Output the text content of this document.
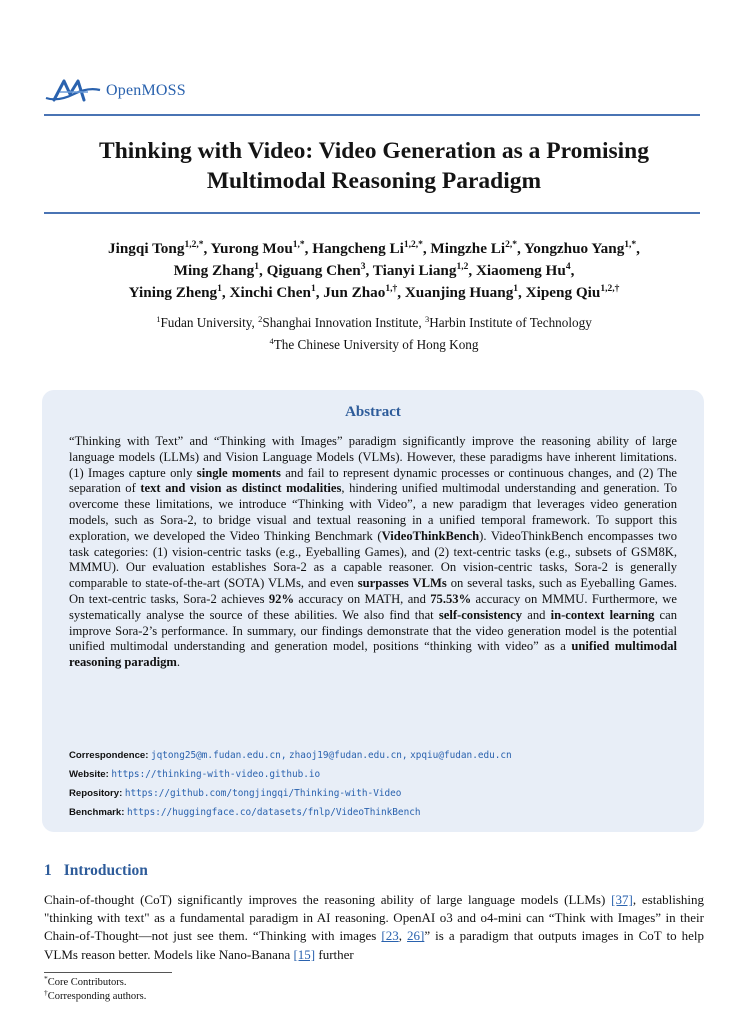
OpenMOSS
Thinking with Video: Video Generation as a Promising
Multimodal Reasoning Paradigm
Jingqi Tong$^{1,2,*}$, Yurong Mou$^{1,*}$, Hangcheng $Li^{1,2,*}$, Mingzhe $Li^{2,*}$, Yongzhuo Yang$^{1,*}$,
Ming Zhang$^1$, Qiguang Chen$^3$, Tianyi Liang$^{1,2}$, Xiaomeng Hu$^4$,
Yining Zheng$^1$, Xinchi Chen$^1$, Jun Zhao$^{1,\dagger}$, Xuanjing Huang$^1$, Xipeng Qiu$^{1,2,\dagger}$
$^1$Fudan University, $^2$Shanghai Innovation Institute, $^3$Harbin Institute of Technology
$^4$The Chinese University of Hong Kong
Abstract
“Thinking with Text” and “Thinking with Images” paradigm significantly improve the reasoning ability of large language models (LLMs) and Vision Language Models (VLMs). However, these paradigms have inherent limitations. (1) Images capture only single moments and fail to represent dynamic processes or continuous changes, and (2) The separation of text and vision as distinct modalities, hindering unified multimodal understanding and generation. To overcome these limitations, we introduce “Thinking with Video”, a new paradigm that leverages video generation models, such as Sora-2, to bridge visual and textual reasoning in a unified temporal framework. To support this exploration, we developed the Video Thinking Benchmark (VideoThinkBench). VideoThinkBench encompasses two task categories: (1) vision-centric tasks (e.g., Eyeballing Games), and (2) text-centric tasks (e.g., subsets of GSM8K, MMMU). Our evaluation establishes Sora-2 as a capable reasoner. On vision-centric tasks, Sora-2 is generally comparable to state-of-the-art (SOTA) VLMs, and even surpasses VLMs on several tasks, such as Eyeballing Games. On text-centric tasks, Sora-2 achieves 92% accuracy on MATH, and 75.53% accuracy on MMMU. Furthermore, we systematically analyse the source of these abilities. We also find that self-consistency and in-context learning can improve Sora-2’s performance. In summary, our findings demonstrate that the video generation model is the potential unified multimodal understanding and generation model, positions “thinking with video” as a unified multimodal reasoning paradigm.
Correspondence: jqtong25@m.fudan.edu.cn, zhaoj19@fudan.edu.cn, xpqiu@fudan.edu.cn
Website: https://thinking-with-video.github.io
Repository: https://github.com/tongjingqi/Thinking-with-Video
Benchmark: https://huggingface.co/datasets/fnlp/VideoThinkBench
1 Introduction
Chain-of-thought (CoT) significantly improves the reasoning ability of large language models (LLMs) [37], establishing "thinking with text" as a fundamental paradigm in AI reasoning. OpenAI o3 and o4-mini can “Think with Images” in their Chain-of-Thought—not just see them. “Thinking with images [23, 26]” is a paradigm that outputs images in CoT to help VLMs reason better. Models like Nano-Banana [15] further
*Core Contributors.
†Corresponding authors.
